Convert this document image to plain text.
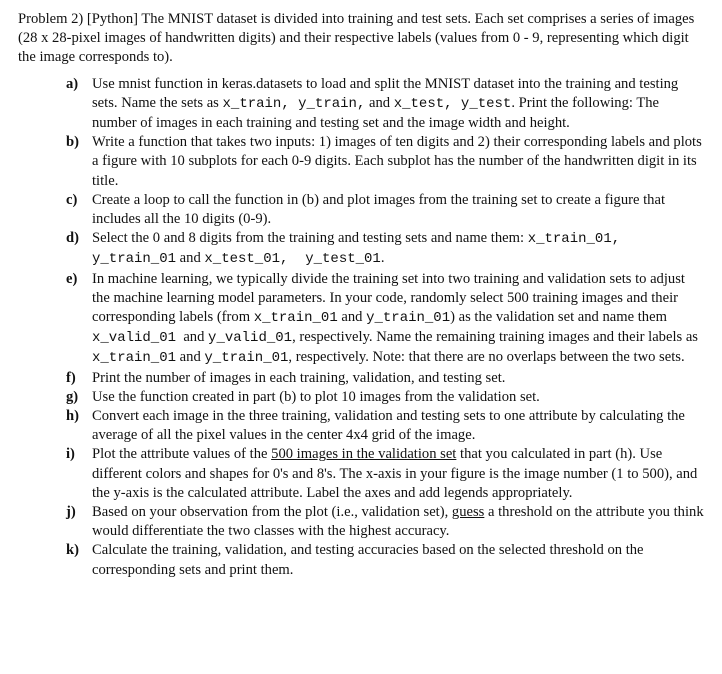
Problem 2) [Python] The MNIST dataset is divided into training and test sets. Each set comprises a series of images (28 x 28-pixel images of handwritten digits) and their respective labels (values from 0 - 9, representing which digit the image corresponds to).

a) Use mnist function in keras.datasets to load and split the MNIST dataset into the training and testing sets. Name the sets as x_train, y_train, and x_test, y_test. Print the following: The number of images in each training and testing set and the image width and height.
b) Write a function that takes two inputs: 1) images of ten digits and 2) their corresponding labels and plots a figure with 10 subplots for each 0-9 digits. Each subplot has the number of the handwritten digit in its title.
c) Create a loop to call the function in (b) and plot images from the training set to create a figure that includes all the 10 digits (0-9).
d) Select the 0 and 8 digits from the training and testing sets and name them: x_train_01, y_train_01 and x_test_01,  y_test_01.
e) In machine learning, we typically divide the training set into two training and validation sets to adjust the machine learning model parameters. In your code, randomly select 500 training images and their corresponding labels (from x_train_01 and y_train_01) as the validation set and name them x_valid_01  and y_valid_01, respectively. Name the remaining training images and their labels as x_train_01 and y_train_01, respectively. Note: that there are no overlaps between the two sets.
f) Print the number of images in each training, validation, and testing set.
g) Use the function created in part (b) to plot 10 images from the validation set.
h) Convert each image in the three training, validation and testing sets to one attribute by calculating the average of all the pixel values in the center 4x4 grid of the image.
i) Plot the attribute values of the 500 images in the validation set that you calculated in part (h). Use different colors and shapes for 0's and 8's. The x-axis in your figure is the image number (1 to 500), and the y-axis is the calculated attribute. Label the axes and add legends appropriately.
j) Based on your observation from the plot (i.e., validation set), guess a threshold on the attribute you think would differentiate the two classes with the highest accuracy.
k) Calculate the training, validation, and testing accuracies based on the selected threshold on the corresponding sets and print them.
